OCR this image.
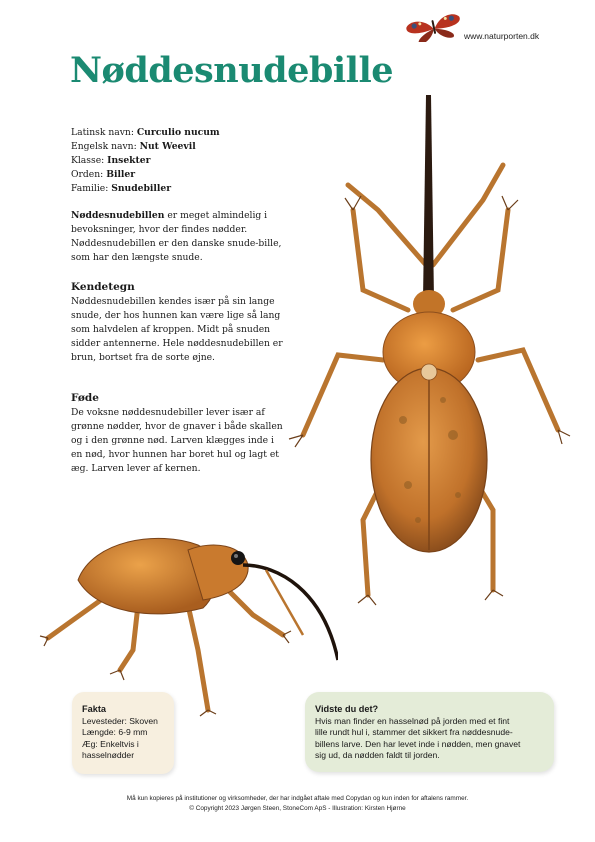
www.naturporten.dk
Nøddesnudebille
Latinsk navn: Curculio nucum
Engelsk navn: Nut Weevil
Klasse: Insekter
Orden: Biller
Familie: Snudebiller

Nøddesnudebillen er meget almindelig i bevoksninger, hvor der findes nødder. Nøddesnudebillen er den danske snude-bille, som har den længste snude.

Kendetegn

Nøddesnudebillen kendes især på sin lange snude, der hos hunnen kan være lige så lang som halvdelen af kroppen. Midt på snuden sidder antennerne. Hele nøddesnudebillen er brun, bortset fra de sorte øjne.

Føde

De voksne nøddesnudebiller lever især af grønne nødder, hvor de gnaver i både skallen og i den grønne nød. Larven klægges inde i en nød, hvor hunnen har boret hul og lagt et æg. Larven lever af kernen.

Fakta
Levesteder: Skoven
Længde: 6-9 mm
Æg: Enkeltvis i
hasselnødder
Vidste du det?
Hvis man finder en hasselnød på jorden med et fint
lille rundt hul i, stammer det sikkert fra nøddesnude-
billens larve. Den har levet inde i nødden, men gnavet
sig ud, da nødden faldt til jorden.
Må kun kopieres på institutioner og virksomheder, der har indgået aftale med Copydan og kun inden for aftalens rammer.
© Copyright 2023 Jørgen Steen, StoneCom ApS - Illustration: Kirsten Hjørne
